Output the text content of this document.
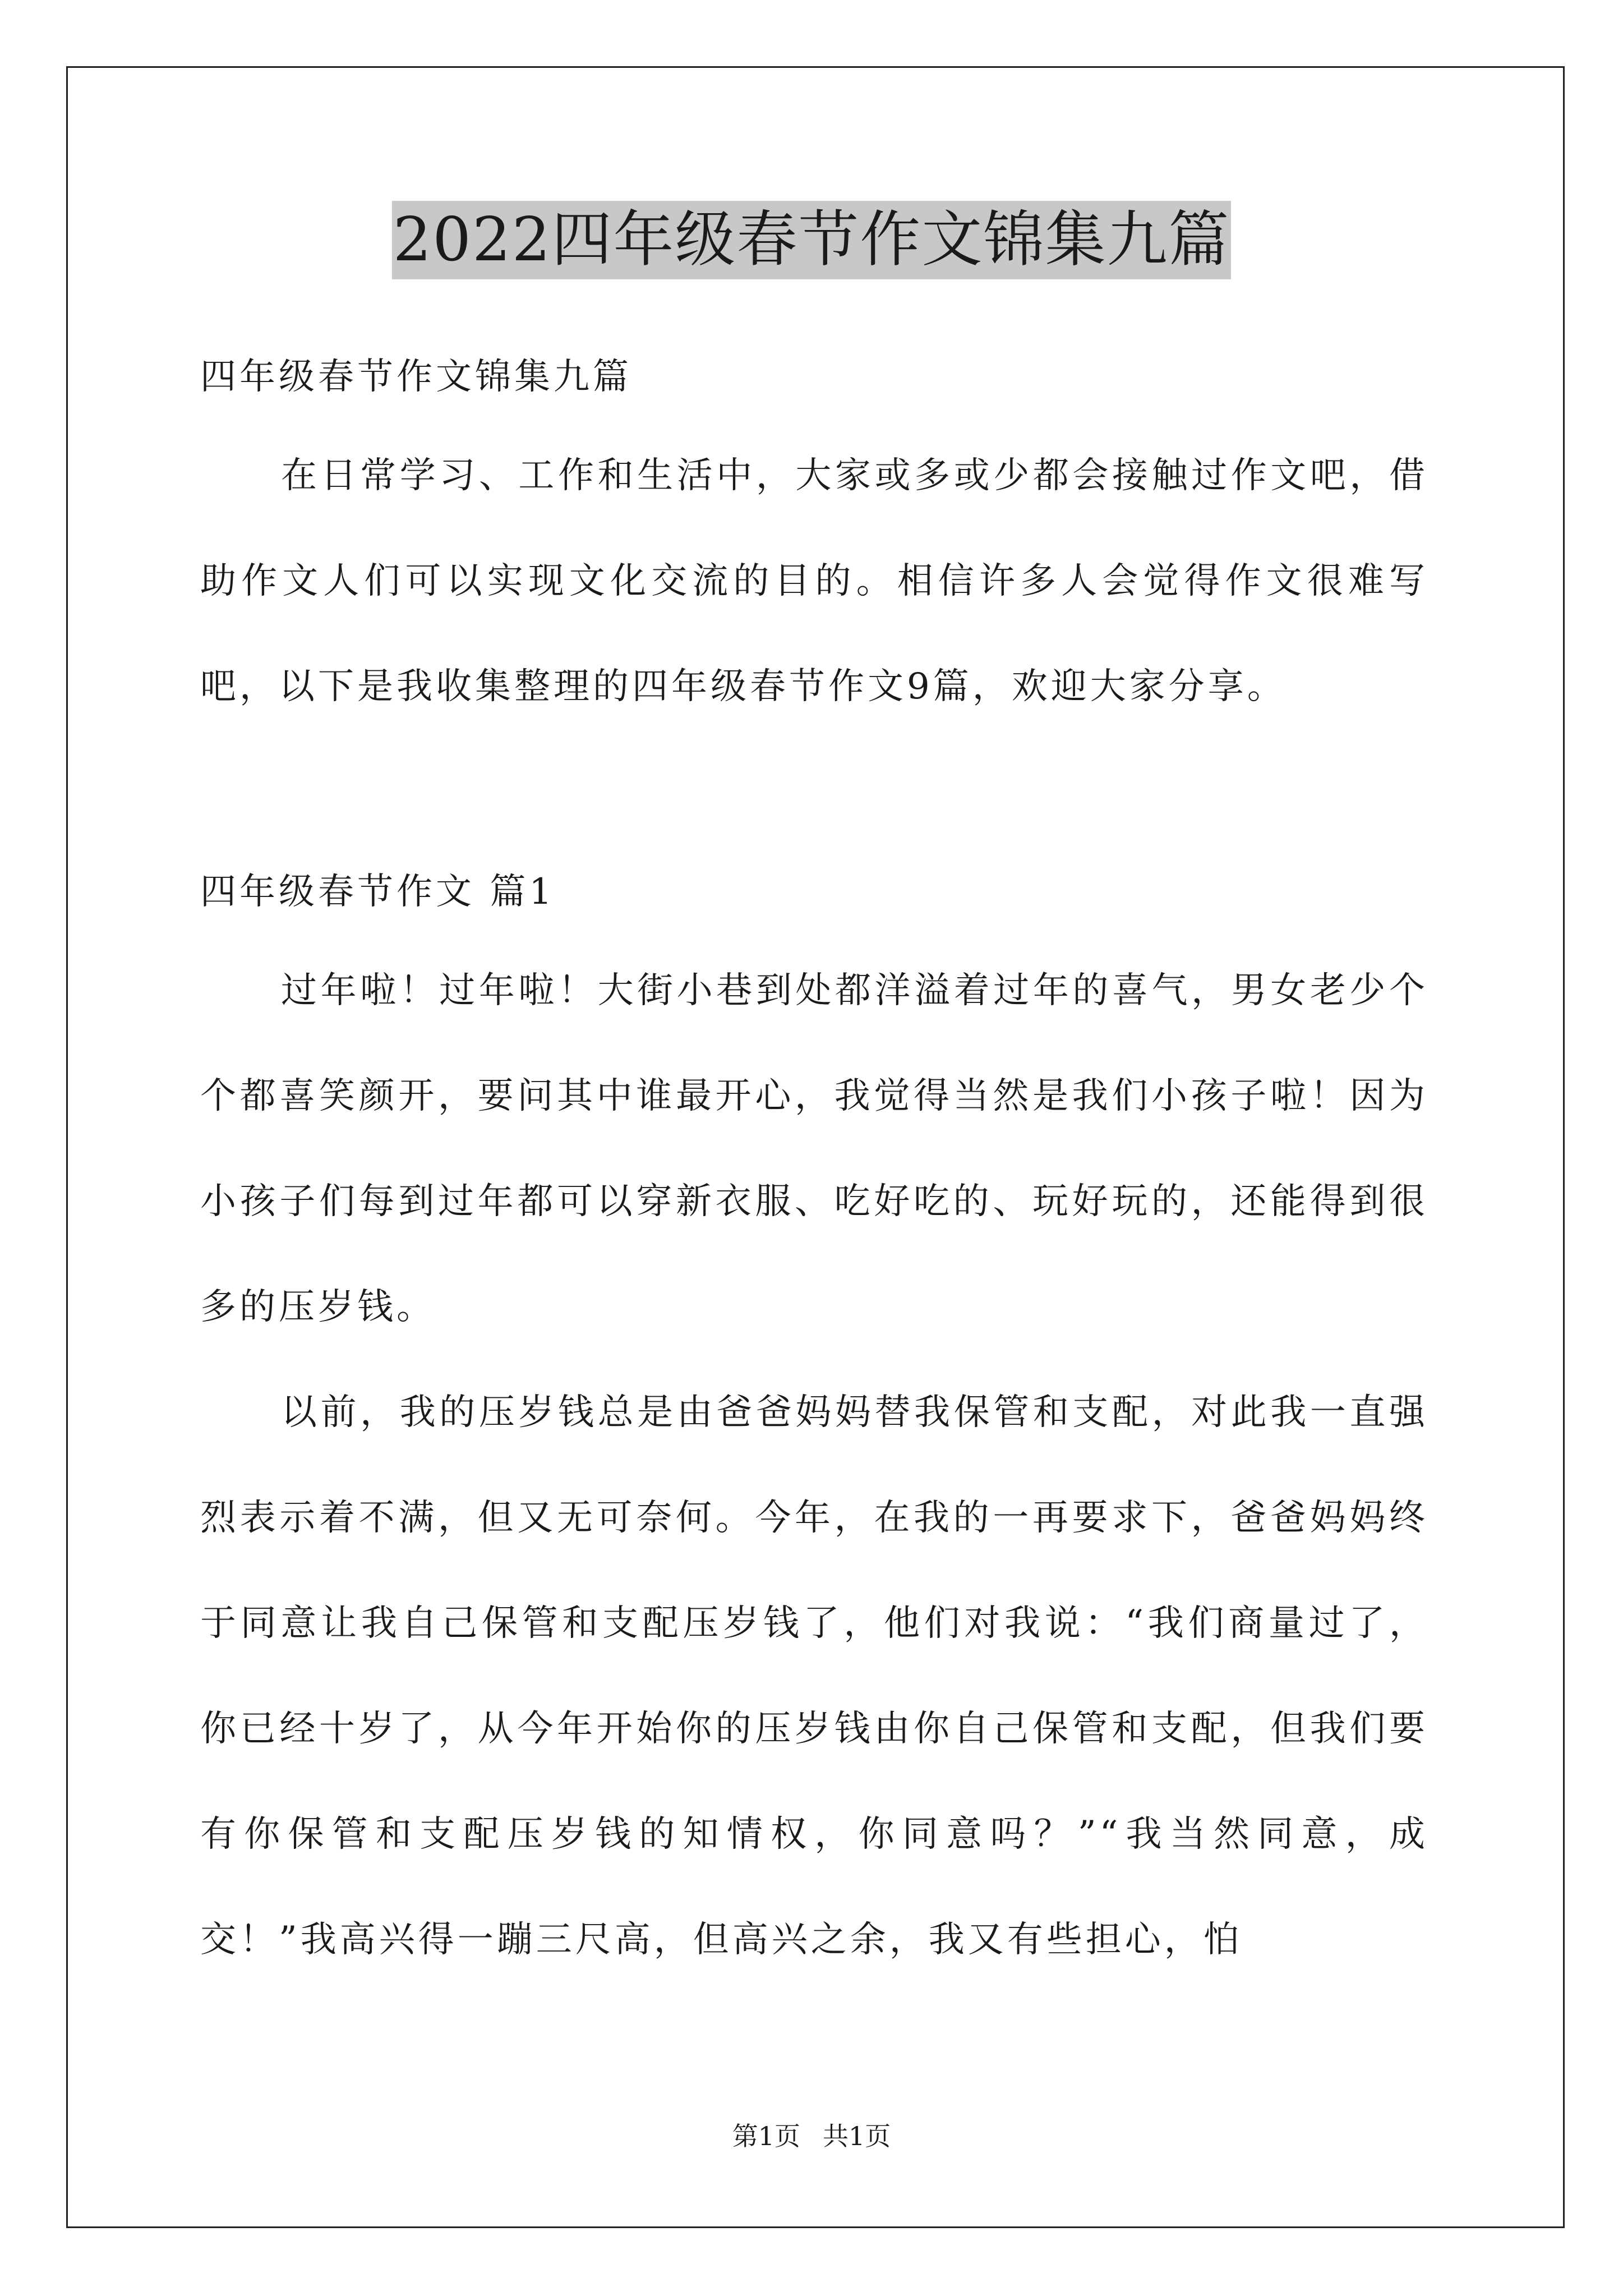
2022四年级春节作文锦集九篇

四年级春节作文锦集九篇

在日常学习、工作和生活中，大家或多或少都会接触过作文吧，借助作文人们可以实现文化交流的目的。相信许多人会觉得作文很难写吧，以下是我收集整理的四年级春节作文9篇，欢迎大家分享。

四年级春节作文 篇1

过年啦！过年啦！大街小巷到处都洋溢着过年的喜气，男女老少个个都喜笑颜开，要问其中谁最开心，我觉得当然是我们小孩子啦！因为小孩子们每到过年都可以穿新衣服、吃好吃的、玩好玩的，还能得到很多的压岁钱。

以前，我的压岁钱总是由爸爸妈妈替我保管和支配，对此我一直强烈表示着不满，但又无可奈何。今年，在我的一再要求下，爸爸妈妈终于同意让我自己保管和支配压岁钱了，他们对我说：“我们商量过了，你已经十岁了，从今年开始你的压岁钱由你自己保管和支配，但我们要有你保管和支配压岁钱的知情权，你同意吗？”“我当然同意，成交！”我高兴得一蹦三尺高，但高兴之余，我又有些担心，怕

第1页 共1页
